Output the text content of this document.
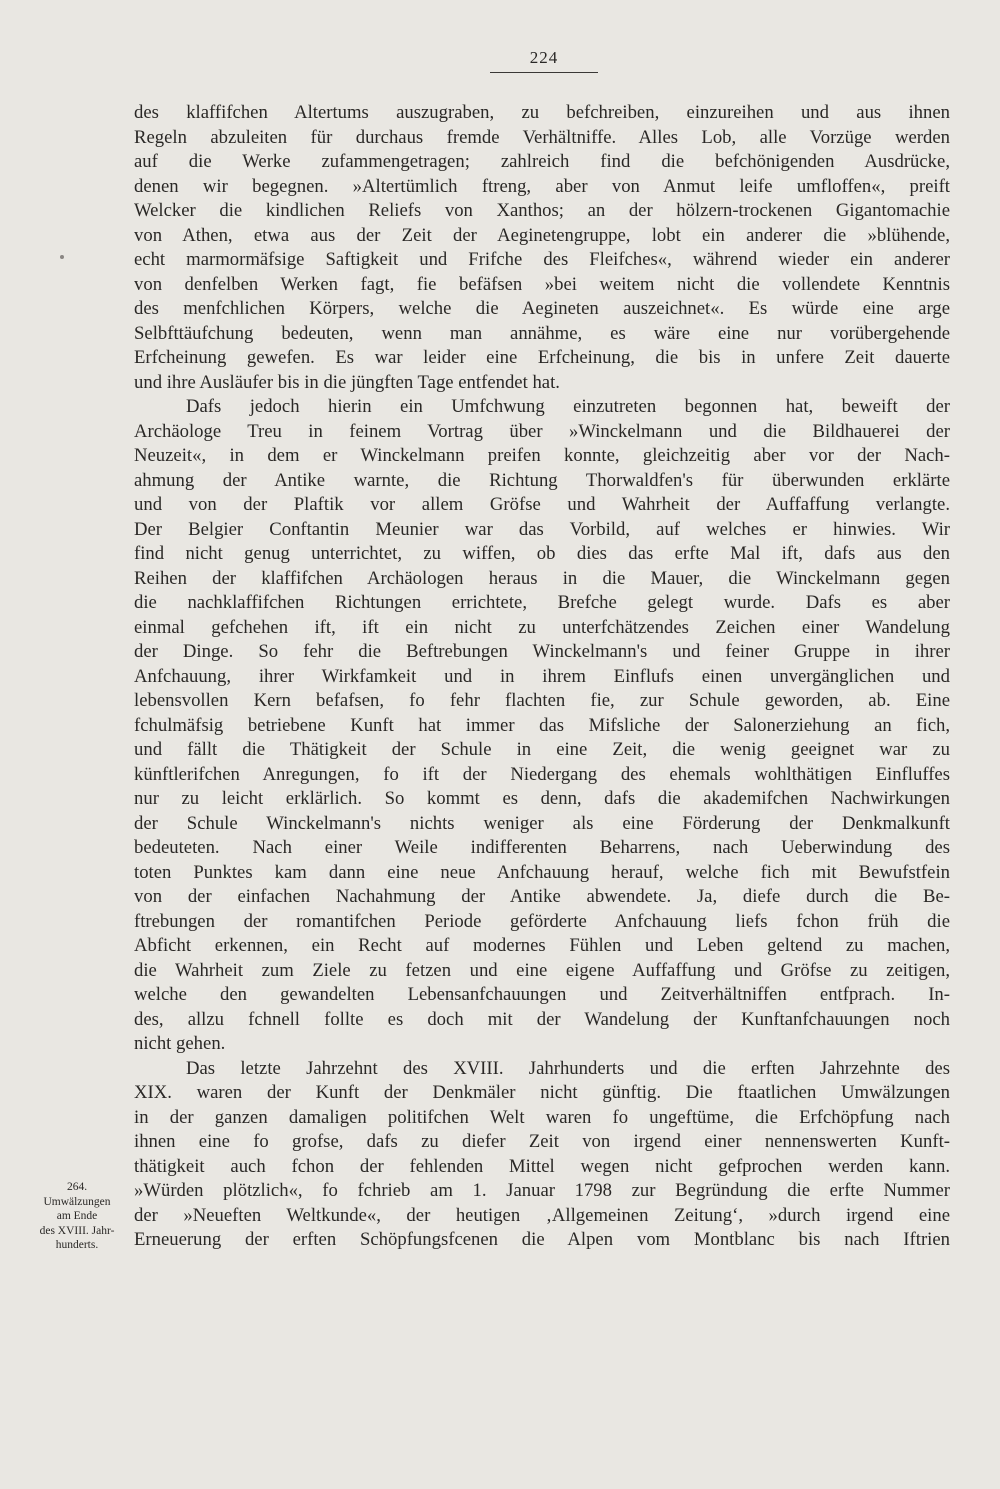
224
des klaffifchen Altertums auszugraben, zu befchreiben, einzureihen und aus ihnen
Regeln abzuleiten für durchaus fremde Verhältniffe. Alles Lob, alle Vorzüge werden
auf die Werke zufammengetragen; zahlreich find die befchönigenden Ausdrücke,
denen wir begegnen. »Altertümlich ftreng, aber von Anmut leife umfloffen«, preift
Welcker die kindlichen Reliefs von Xanthos; an der hölzern-trockenen Gigantomachie
von Athen, etwa aus der Zeit der Aeginetengruppe, lobt ein anderer die »blühende,
echt marmormäfsige Saftigkeit und Frifche des Fleifches«, während wieder ein anderer
von denfelben Werken fagt, fie befäfsen »bei weitem nicht die vollendete Kenntnis
des menfchlichen Körpers, welche die Aegineten auszeichnet«. Es würde eine arge
Selbfttäufchung bedeuten, wenn man annähme, es wäre eine nur vorübergehende
Erfcheinung gewefen. Es war leider eine Erfcheinung, die bis in unfere Zeit dauerte
und ihre Ausläufer bis in die jüngften Tage entfendet hat.
Dafs jedoch hierin ein Umfchwung einzutreten begonnen hat, beweift der
Archäologe Treu in feinem Vortrag über »Winckelmann und die Bildhauerei der
Neuzeit«, in dem er Winckelmann preifen konnte, gleichzeitig aber vor der Nach-
ahmung der Antike warnte, die Richtung Thorwaldfen's für überwunden erklärte
und von der Plaftik vor allem Gröfse und Wahrheit der Auffaffung verlangte.
Der Belgier Conftantin Meunier war das Vorbild, auf welches er hinwies. Wir
find nicht genug unterrichtet, zu wiffen, ob dies das erfte Mal ift, dafs aus den
Reihen der klaffifchen Archäologen heraus in die Mauer, die Winckelmann gegen
die nachklaffifchen Richtungen errichtete, Brefche gelegt wurde. Dafs es aber
einmal gefchehen ift, ift ein nicht zu unterfchätzendes Zeichen einer Wandelung
der Dinge. So fehr die Beftrebungen Winckelmann's und feiner Gruppe in ihrer
Anfchauung, ihrer Wirkfamkeit und in ihrem Einflufs einen unvergänglichen und
lebensvollen Kern befafsen, fo fehr flachten fie, zur Schule geworden, ab. Eine
fchulmäfsig betriebene Kunft hat immer das Mifsliche der Salonerziehung an fich,
und fällt die Thätigkeit der Schule in eine Zeit, die wenig geeignet war zu
künftlerifchen Anregungen, fo ift der Niedergang des ehemals wohlthätigen Einfluffes
nur zu leicht erklärlich. So kommt es denn, dafs die akademifchen Nachwirkungen
der Schule Winckelmann's nichts weniger als eine Förderung der Denkmalkunft
bedeuteten. Nach einer Weile indifferenten Beharrens, nach Ueberwindung des
toten Punktes kam dann eine neue Anfchauung herauf, welche fich mit Bewufstfein
von der einfachen Nachahmung der Antike abwendete. Ja, diefe durch die Be-
ftrebungen der romantifchen Periode geförderte Anfchauung liefs fchon früh die
Abficht erkennen, ein Recht auf modernes Fühlen und Leben geltend zu machen,
die Wahrheit zum Ziele zu fetzen und eine eigene Auffaffung und Gröfse zu zeitigen,
welche den gewandelten Lebensanfchauungen und Zeitverhältniffen entfprach. In-
des, allzu fchnell follte es doch mit der Wandelung der Kunftanfchauungen noch
nicht gehen.
Das letzte Jahrzehnt des XVIII. Jahrhunderts und die erften Jahrzehnte des
XIX. waren der Kunft der Denkmäler nicht günftig. Die ftaatlichen Umwälzungen
in der ganzen damaligen politifchen Welt waren fo ungeftüme, die Erfchöpfung nach
ihnen eine fo grofse, dafs zu diefer Zeit von irgend einer nennenswerten Kunft-
thätigkeit auch fchon der fehlenden Mittel wegen nicht gefprochen werden kann.
»Würden plötzlich«, fo fchrieb am 1. Januar 1798 zur Begründung die erfte Nummer
der »Neueften Weltkunde«, der heutigen ‚Allgemeinen Zeitung‘, »durch irgend eine
Erneuerung der erften Schöpfungsfcenen die Alpen vom Montblanc bis nach Iftrien
264.
Umwälzungen
am Ende
des XVIII. Jahr-
hunderts.
